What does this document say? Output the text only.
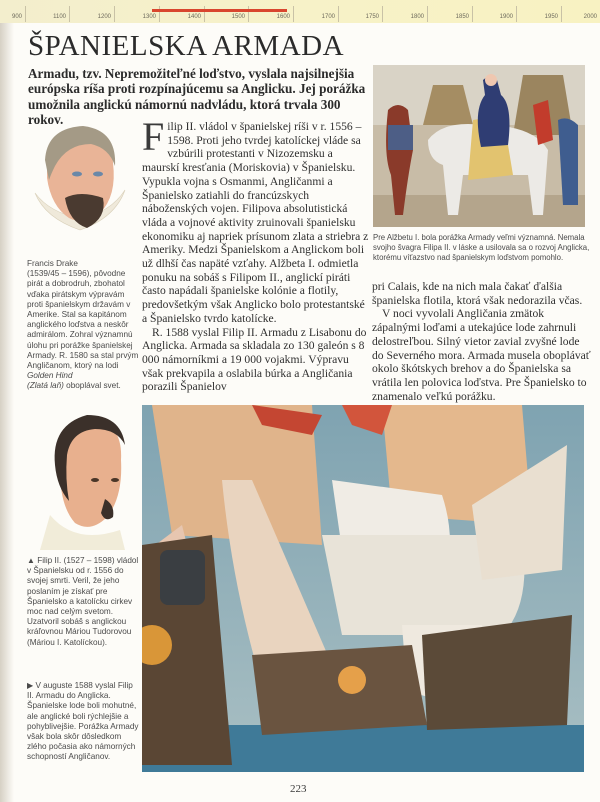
900	1100	1200	1300	1400	1500	1600	1700	1750	1800	1850	1900	1950	2000
ŠPANIELSKA ARMADA

Armadu, tzv. Nepremožiteľné loďstvo, vyslala najsilnejšia európska ríša proti rozpínajúcemu sa Anglicku. Jej porážka umožnila anglickú námornú nadvládu, ktorá trvala 300 rokov.

Francis Drake
(1539/45 – 1596), pôvodne pirát a dobrodruh, zbohatol vďaka pirátskym výpravám proti španielskym državám v Amerike. Stal sa kapitánom anglického loďstva a neskôr admirálom. Zohral významnú úlohu pri porážke španielskej Armady. R. 1580 sa stal prvým Angličanom, ktorý na lodi Golden Hind
(Zlatá laň) oboplával svet.

▲ Filip II. (1527 – 1598) vládol v Španielsku od r. 1556 do svojej smrti. Veril, že jeho poslaním je získať pre Španielsko a katolícku cirkev moc nad celým svetom. Uzatvoril sobáš s anglickou kráľovnou Máriou Tudorovou (Máriou I. Katolíckou).

▶ V auguste 1588 vyslal Filip II. Armadu do Anglicka. Španielske lode boli mohutné, ale anglické boli rýchlejšie a pohyblivejšie. Porážka Armady však bola skôr dôsledkom zlého počasia ako námorných schopností Angličanov.

Filip II. vládol v španielskej ríši v r. 1556 – 1598. Proti jeho tvrdej katolíckej vláde sa vzbúrili protestanti v Nizozemsku a maurskí kresťania (Moriskovia) v Španielsku. Vypukla vojna s Osmanmi, Angličanmi a Španielsko zatiahli do francúzskych náboženských vojen. Filipova absolutistická vláda a vojnové aktivity zruinovali španielsku ekonomiku aj napriek prísunom zlata a striebra z Ameriky. Medzi Španielskom a Anglickom boli už dlhší čas napäté vzťahy. Alžbeta I. odmietla ponuku na sobáš s Filipom II., anglickí piráti často napádali španielske kolónie a flotily, predovšetkým však Anglicko bolo protestantské a Španielsko tvrdo katolícke.

R. 1588 vyslal Filip II. Armadu z Lisabonu do Anglicka. Armada sa skladala zo 130 galeón s 8 000 námorníkmi a 19 000 vojakmi. Výpravu však prekvapila a oslabila búrka a Angličania porazili Španielov

Pre Alžbetu I. bola porážka Armady veľmi významná. Nemala svojho švagra Filipa II. v láske a usilovala sa o rozvoj Anglicka, ktorému víťazstvo nad španielskym loďstvom pomohlo.

pri Calais, kde na nich mala čakať ďalšia španielska flotila, ktorá však nedorazila včas.

V noci vyvolali Angličania zmätok zápalnými loďami a utekajúce lode zahrnuli delostreľbou. Silný vietor zavial zvyšné lode do Severného mora. Armada musela oboplávať okolo škótskych brehov a do Španielska sa vrátila len polovica loďstva. Pre Španielsko to znamenalo veľkú porážku.

223
